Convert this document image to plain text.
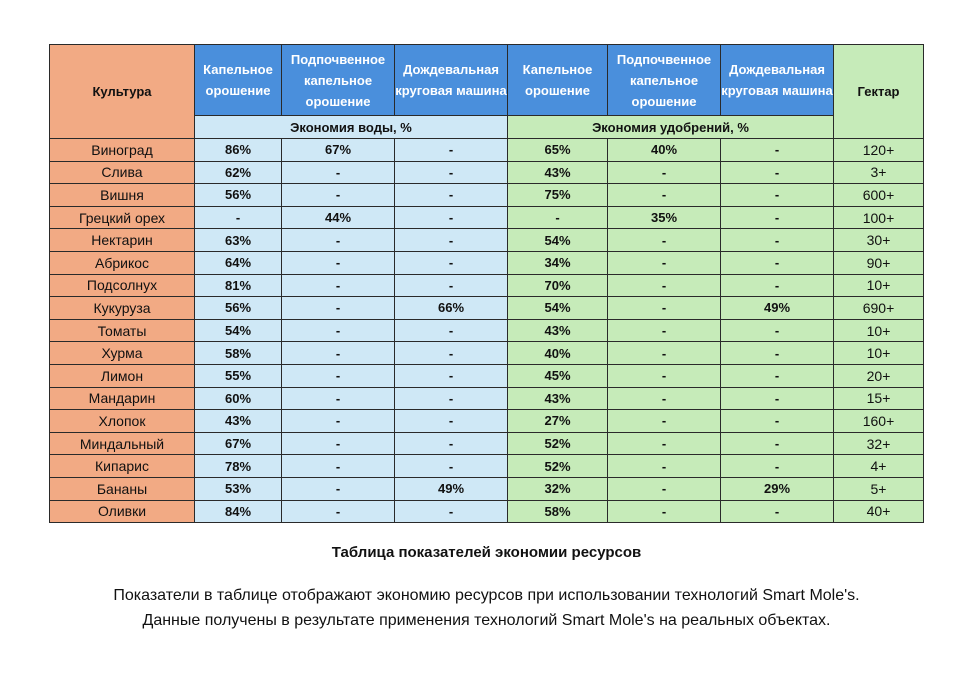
Культура	Капельное орошение	Подпочвенное капельное орошение	Дождевальная круговая машина	Капельное орошение	Подпочвенное капельное орошение	Дождевальная круговая машина	Гектар
	Экономия воды, %			Экономия удобрений, %			
Виноград	86%	67%	-	65%	40%	-	120+
Слива	62%	-	-	43%	-	-	3+
Вишня	56%	-	-	75%	-	-	600+
Грецкий орех	-	44%	-	-	35%	-	100+
Нектарин	63%	-	-	54%	-	-	30+
Абрикос	64%	-	-	34%	-	-	90+
Подсолнух	81%	-	-	70%	-	-	10+
Кукуруза	56%	-	66%	54%	-	49%	690+
Томаты	54%	-	-	43%	-	-	10+
Хурма	58%	-	-	40%	-	-	10+
Лимон	55%	-	-	45%	-	-	20+
Мандарин	60%	-	-	43%	-	-	15+
Хлопок	43%	-	-	27%	-	-	160+
Миндальный	67%	-	-	52%	-	-	32+
Кипарис	78%	-	-	52%	-	-	4+
Бананы	53%	-	49%	32%	-	29%	5+
Оливки	84%	-	-	58%	-	-	40+
Таблица показателей экономии ресурсов
Показатели в таблице отображают экономию ресурсов при использовании технологий Smart Mole's.
Данные получены в результате применения технологий Smart Mole's на реальных объектах.
